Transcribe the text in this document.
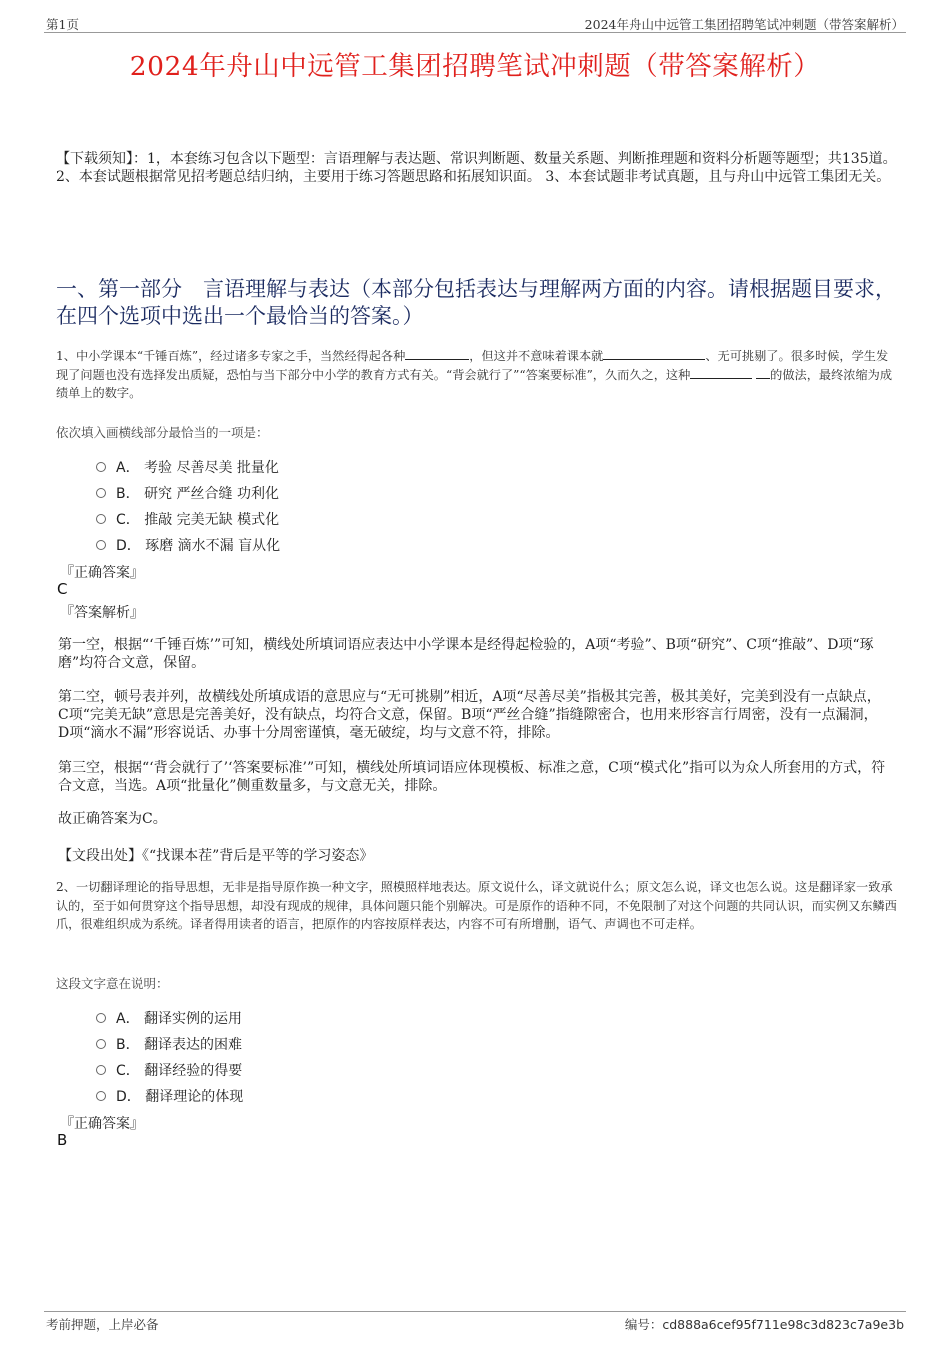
第1页	2024年舟山中远管工集团招聘笔试冲刺题（带答案解析）
2024年舟山中远管工集团招聘笔试冲刺题（带答案解析）
【下载须知】：1，本套练习包含以下题型：言语理解与表达题、常识判断题、数量关系题、判断推理题和资料分析题等题型；共135道。 2、本套试题根据常见招考题总结归纳，主要用于练习答题思路和拓展知识面。 3、本套试题非考试真题，且与舟山中远管工集团无关。
一、第一部分　言语理解与表达（本部分包括表达与理解两方面的内容。请根据题目要求，在四个选项中选出一个最恰当的答案。）
1、中小学课本“千锤百炼”，经过诸多专家之手，当然经得起各种	，但这并不意味着课本就	、无可挑剔了。很多时候，学生发现了问题也没有选择发出质疑，恐怕与当下部分中小学的教育方式有关。“背会就行了”“答案要标准”，久而久之，这种	的做法，最终浓缩为成绩单上的数字。
依次填入画横线部分最恰当的一项是：
A． 考验 尽善尽美 批量化
B． 研究 严丝合缝 功利化
C． 推敲 完美无缺 模式化
D． 琢磨 滴水不漏 盲从化
『正确答案』
C
『答案解析』
第一空，根据“‘千锤百炼’”可知，横线处所填词语应表达中小学课本是经得起检验的，A项“考验”、B项“研究”、C项“推敲”、D项“琢磨”均符合文意，保留。
第二空，顿号表并列，故横线处所填成语的意思应与“无可挑剔”相近，A项“尽善尽美”指极其完善，极其美好，完美到没有一点缺点，C项“完美无缺”意思是完善美好，没有缺点，均符合文意，保留。B项“严丝合缝”指缝隙密合，也用来形容言行周密，没有一点漏洞，D项“滴水不漏”形容说话、办事十分周密谨慎，毫无破绽，均与文意不符，排除。
第三空，根据“‘背会就行了’‘答案要标准’”可知，横线处所填词语应体现模板、标准之意，C项“模式化”指可以为众人所套用的方式，符合文意，当选。A项“批量化”侧重数量多，与文意无关，排除。
故正确答案为C。
【文段出处】《“找课本茬”背后是平等的学习姿态》
2、一切翻译理论的指导思想，无非是指导原作换一种文字，照模照样地表达。原文说什么，译文就说什么；原文怎么说，译文也怎么说。这是翻译家一致承认的，至于如何贯穿这个指导思想，却没有现成的规律，具体问题只能个别解决。可是原作的语种不同，不免限制了对这个问题的共同认识，而实例又东鳞西爪，很难组织成为系统。译者得用读者的语言，把原作的内容按原样表达，内容不可有所增删，语气、声调也不可走样。
这段文字意在说明：
A． 翻译实例的运用
B． 翻译表达的困难
C． 翻译经验的得要
D． 翻译理论的体现
『正确答案』
B
考前押题，上岸必备	编号：cd888a6cef95f711e98c3d823c7a9e3b
